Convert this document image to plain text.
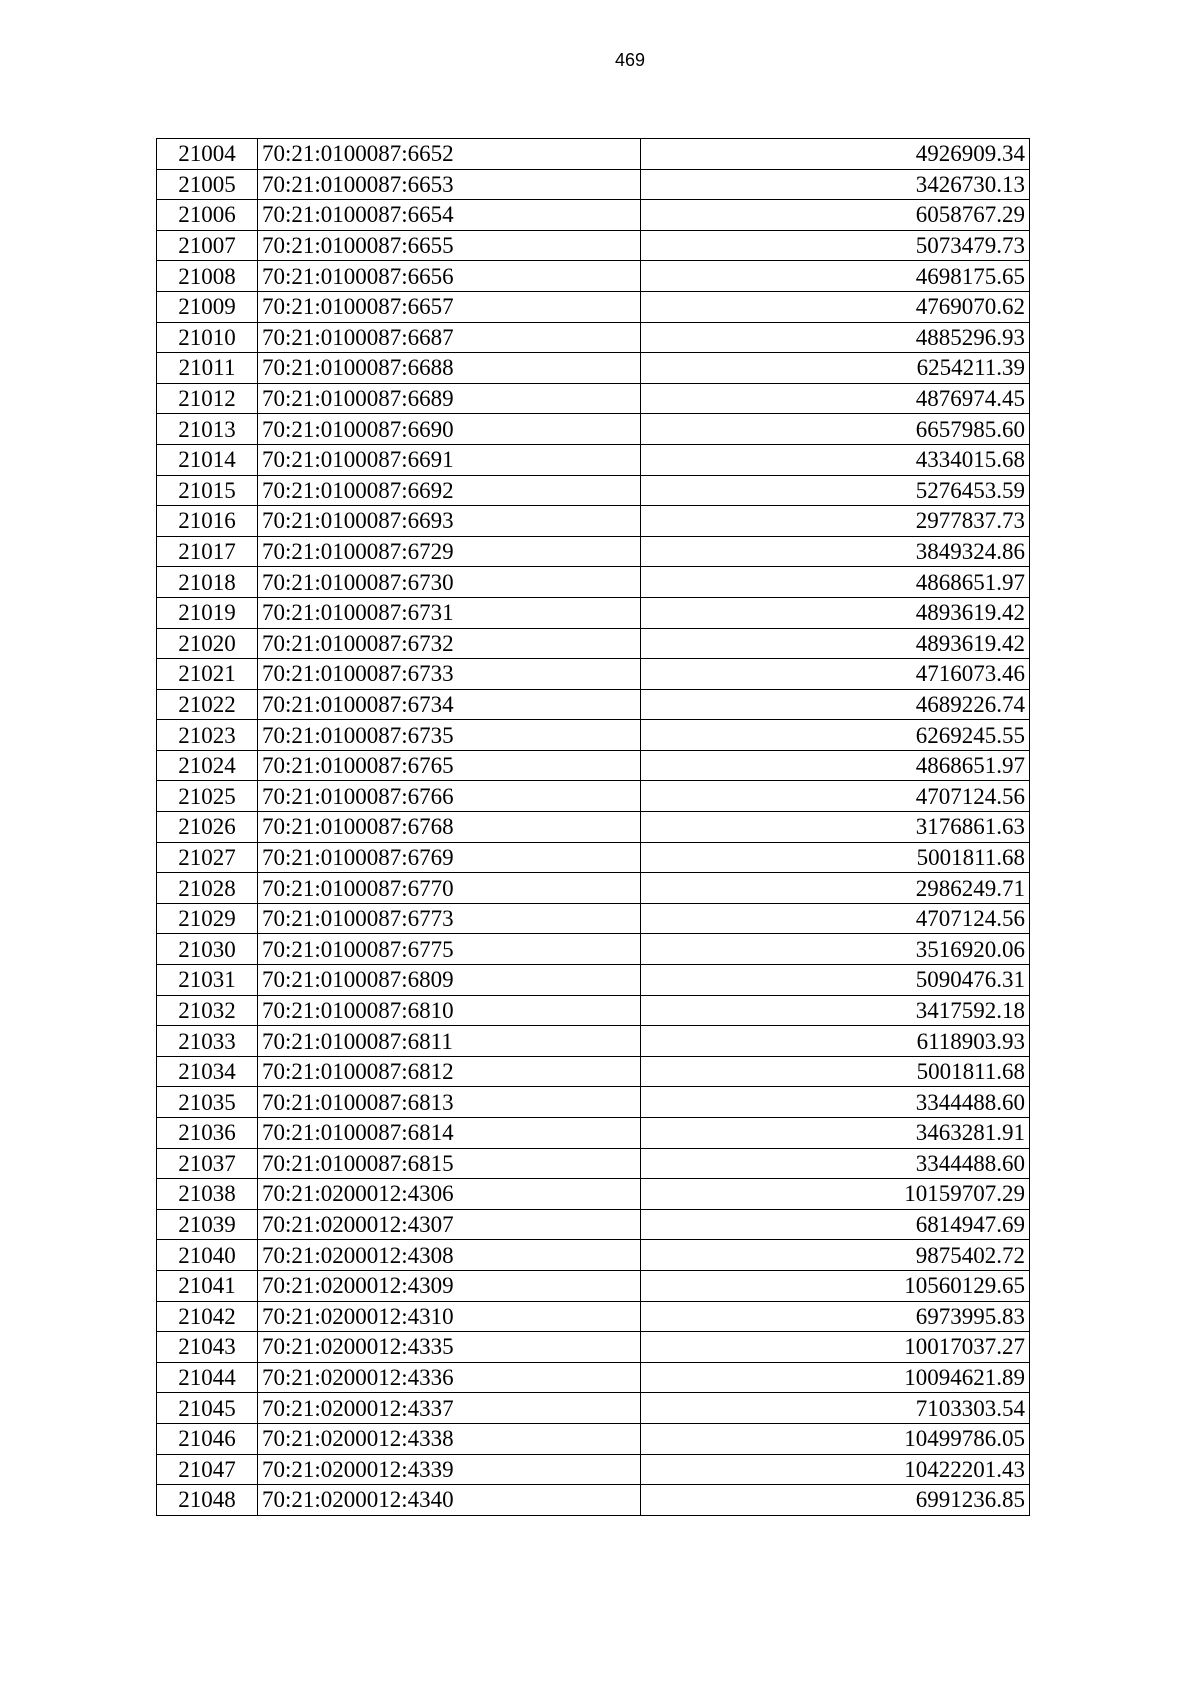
469
21004	70:21:0100087:6652	4926909.34
21005	70:21:0100087:6653	3426730.13
21006	70:21:0100087:6654	6058767.29
21007	70:21:0100087:6655	5073479.73
21008	70:21:0100087:6656	4698175.65
21009	70:21:0100087:6657	4769070.62
21010	70:21:0100087:6687	4885296.93
21011	70:21:0100087:6688	6254211.39
21012	70:21:0100087:6689	4876974.45
21013	70:21:0100087:6690	6657985.60
21014	70:21:0100087:6691	4334015.68
21015	70:21:0100087:6692	5276453.59
21016	70:21:0100087:6693	2977837.73
21017	70:21:0100087:6729	3849324.86
21018	70:21:0100087:6730	4868651.97
21019	70:21:0100087:6731	4893619.42
21020	70:21:0100087:6732	4893619.42
21021	70:21:0100087:6733	4716073.46
21022	70:21:0100087:6734	4689226.74
21023	70:21:0100087:6735	6269245.55
21024	70:21:0100087:6765	4868651.97
21025	70:21:0100087:6766	4707124.56
21026	70:21:0100087:6768	3176861.63
21027	70:21:0100087:6769	5001811.68
21028	70:21:0100087:6770	2986249.71
21029	70:21:0100087:6773	4707124.56
21030	70:21:0100087:6775	3516920.06
21031	70:21:0100087:6809	5090476.31
21032	70:21:0100087:6810	3417592.18
21033	70:21:0100087:6811	6118903.93
21034	70:21:0100087:6812	5001811.68
21035	70:21:0100087:6813	3344488.60
21036	70:21:0100087:6814	3463281.91
21037	70:21:0100087:6815	3344488.60
21038	70:21:0200012:4306	10159707.29
21039	70:21:0200012:4307	6814947.69
21040	70:21:0200012:4308	9875402.72
21041	70:21:0200012:4309	10560129.65
21042	70:21:0200012:4310	6973995.83
21043	70:21:0200012:4335	10017037.27
21044	70:21:0200012:4336	10094621.89
21045	70:21:0200012:4337	7103303.54
21046	70:21:0200012:4338	10499786.05
21047	70:21:0200012:4339	10422201.43
21048	70:21:0200012:4340	6991236.85
